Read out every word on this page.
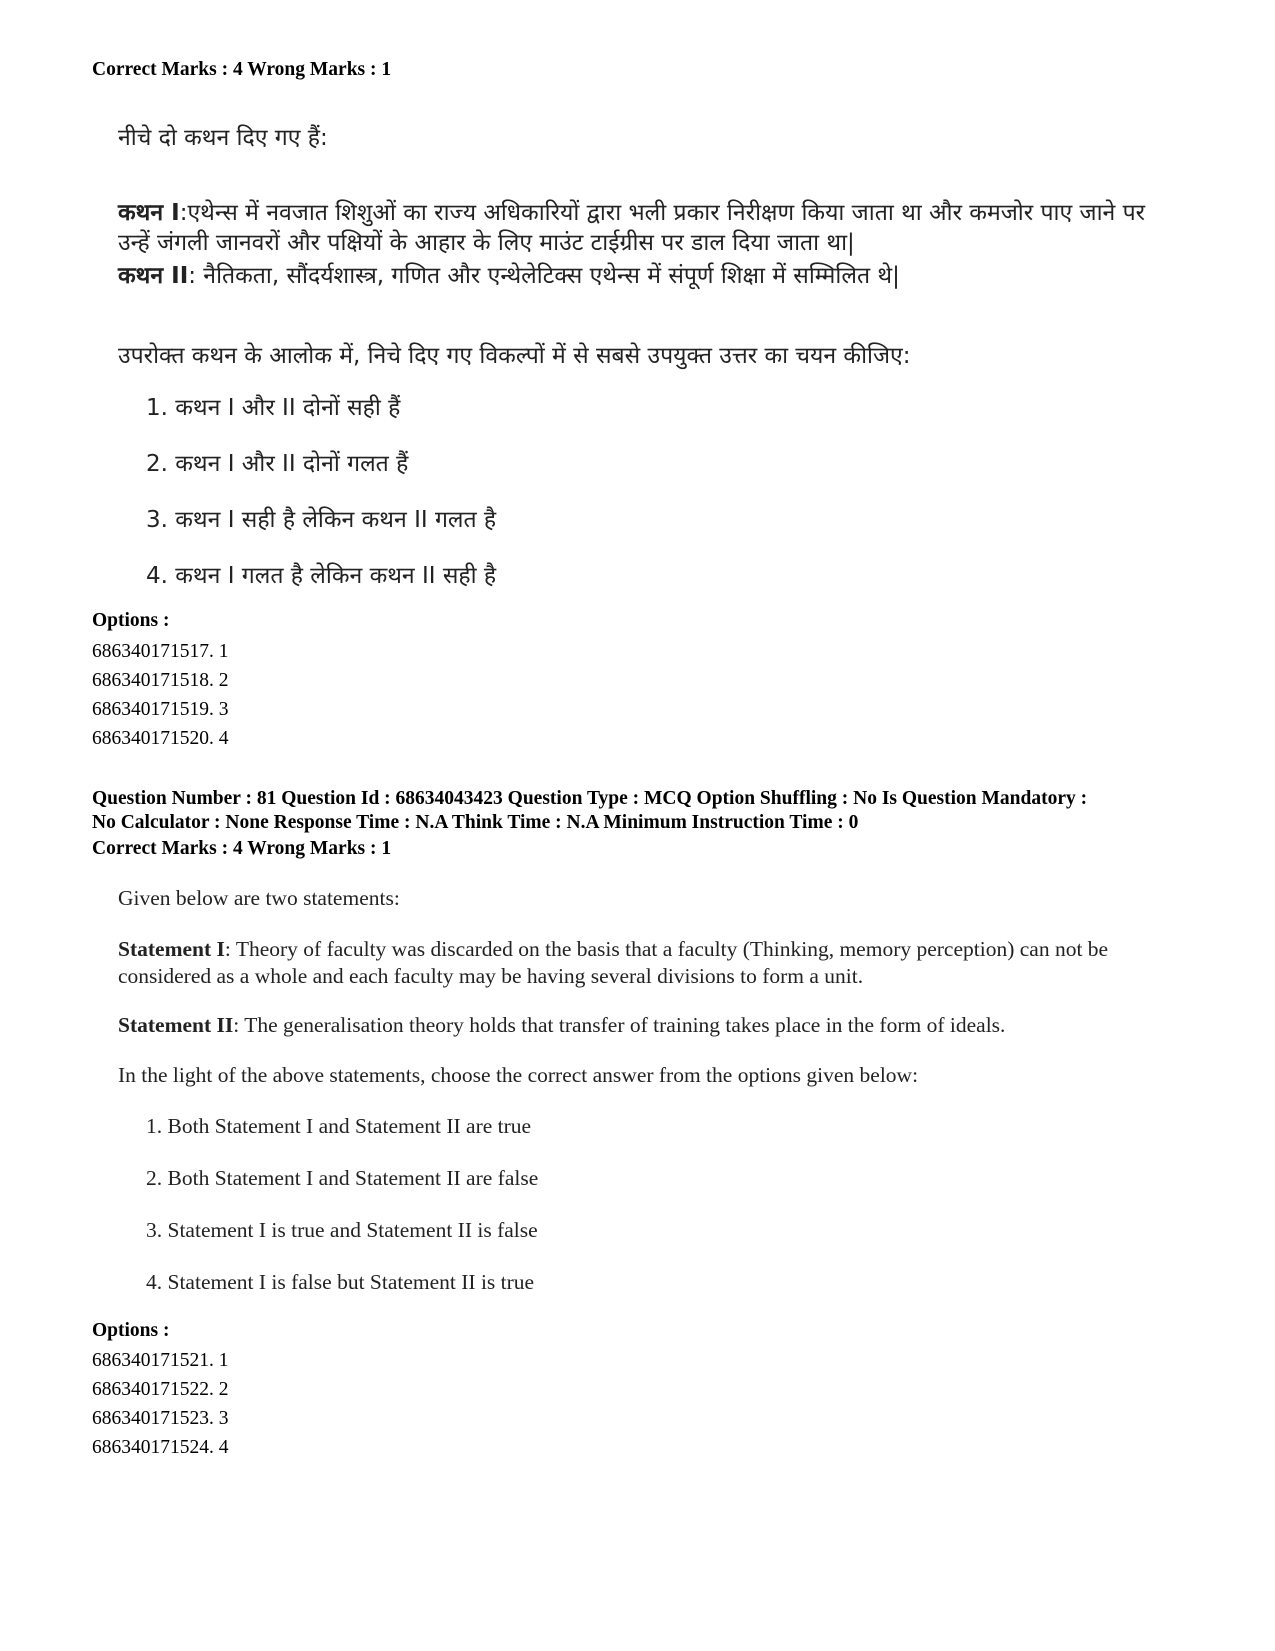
Correct Marks : 4 Wrong Marks : 1
नीचे दो कथन दिए गए हैं:
कथन I:एथेन्स में नवजात शिशुओं का राज्य अधिकारियों द्वारा भली प्रकार निरीक्षण किया जाता था और कमजोर पाए जाने पर उन्हें जंगली जानवरों और पक्षियों के आहार के लिए माउंट टाईग्रीस पर डाल दिया जाता था|
कथन II: नैतिकता, सौंदर्यशास्त्र, गणित और एन्थेलेटिक्स एथेन्स में संपूर्ण शिक्षा में सम्मिलित थे|
उपरोक्त कथन के आलोक में, निचे दिए गए विकल्पों में से सबसे उपयुक्त उत्तर का चयन कीजिए:
1. कथन I और II दोनों सही हैं
2. कथन I और II दोनों गलत हैं
3. कथन I सही है लेकिन कथन II गलत है
4. कथन I गलत है लेकिन कथन II सही है
Options :
686340171517. 1
686340171518. 2
686340171519. 3
686340171520. 4
Question Number : 81 Question Id : 68634043423 Question Type : MCQ Option Shuffling : No Is Question Mandatory :
No Calculator : None Response Time : N.A Think Time : N.A Minimum Instruction Time : 0
Correct Marks : 4 Wrong Marks : 1
Given below are two statements:
Statement I: Theory of faculty was discarded on the basis that a faculty (Thinking, memory perception) can not be considered as a whole and each faculty may be having several divisions to form a unit.
Statement II: The generalisation theory holds that transfer of training takes place in the form of ideals.
In the light of the above statements, choose the correct answer from the options given below:
1. Both Statement I and Statement II are true
2. Both Statement I and Statement II are false
3. Statement I is true and Statement II is false
4. Statement I is false but Statement II is true
Options :
686340171521. 1
686340171522. 2
686340171523. 3
686340171524. 4
